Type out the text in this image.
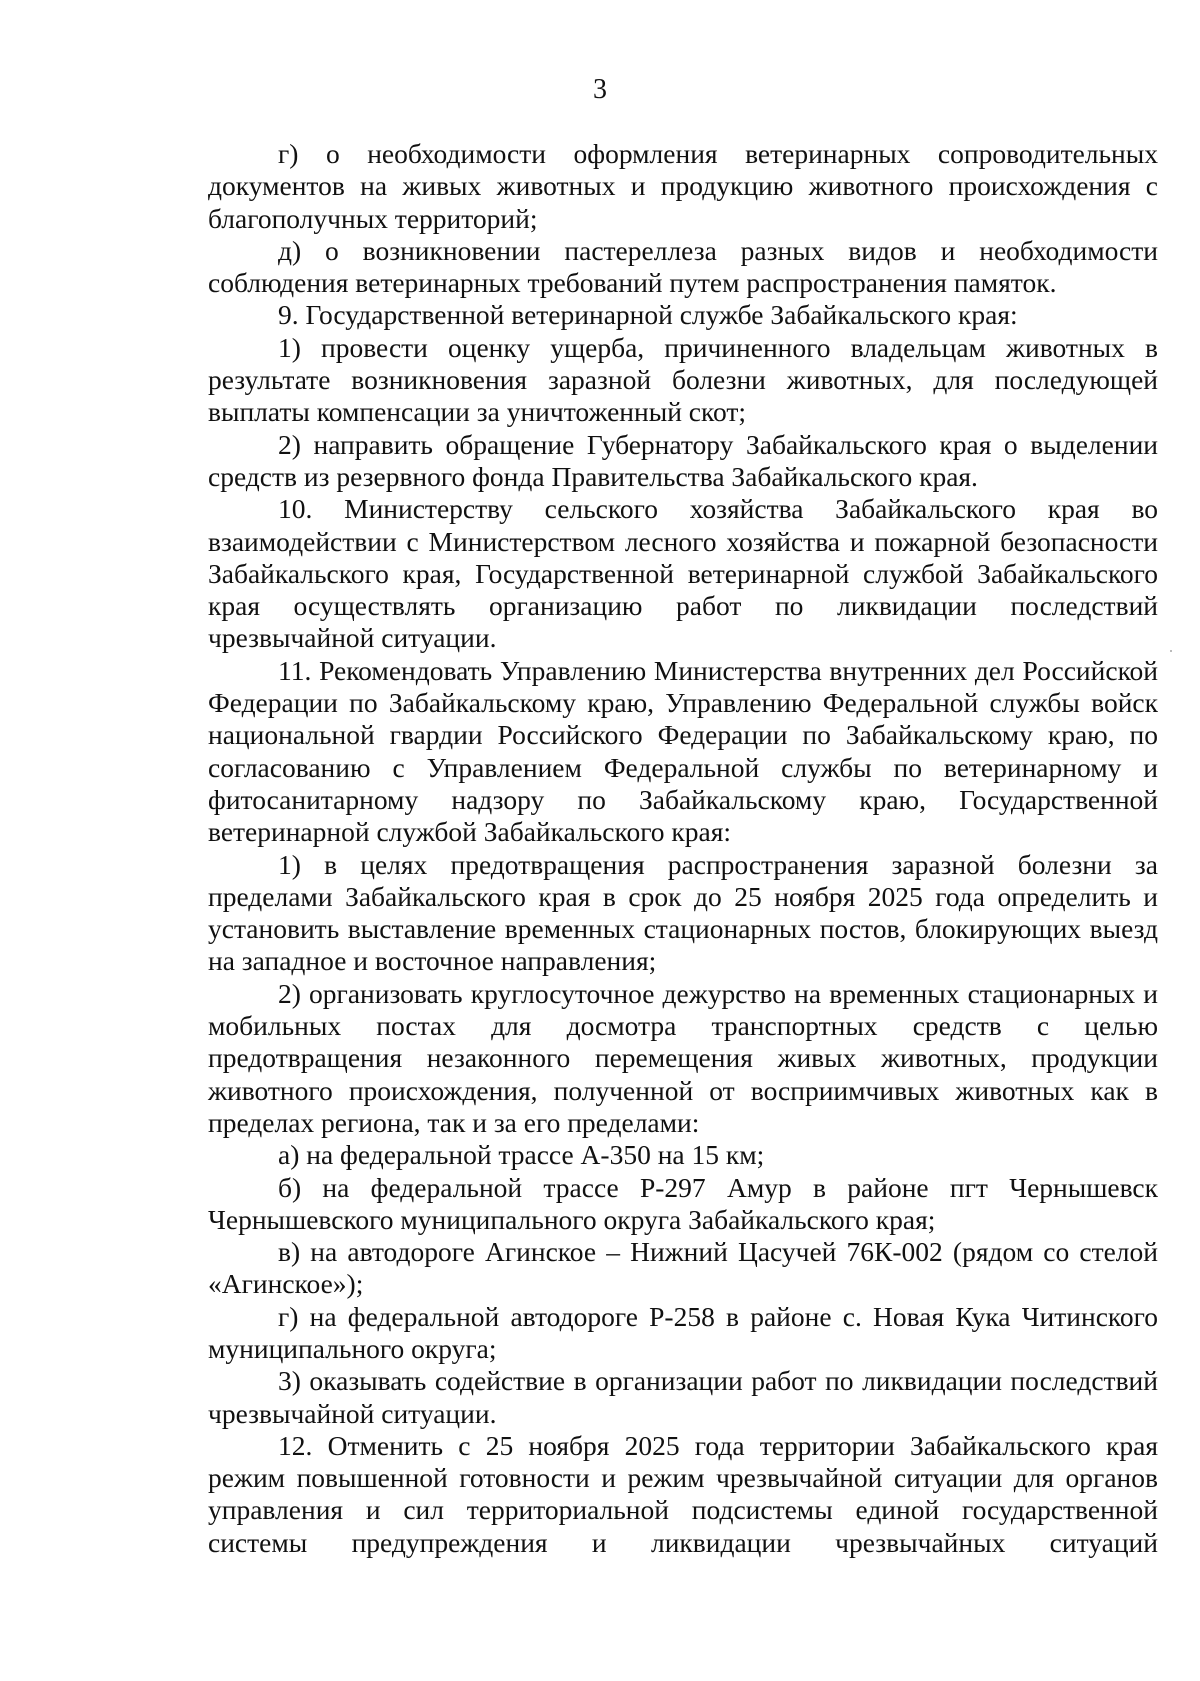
3

г) о необходимости оформления ветеринарных сопроводительных документов на живых животных и продукцию животного происхождения с благополучных территорий;

д) о возникновении пастереллеза разных видов и необходимости соблюдения ветеринарных требований путем распространения памяток.

9. Государственной ветеринарной службе Забайкальского края:

1) провести оценку ущерба, причиненного владельцам животных в результате возникновения заразной болезни животных, для последующей выплаты компенсации за уничтоженный скот;

2) направить обращение Губернатору Забайкальского края о выделении средств из резервного фонда Правительства Забайкальского края.

10. Министерству сельского хозяйства Забайкальского края во взаимодействии с Министерством лесного хозяйства и пожарной безопасности Забайкальского края, Государственной ветеринарной службой Забайкальского края осуществлять организацию работ по ликвидации последствий чрезвычайной ситуации.

11. Рекомендовать Управлению Министерства внутренних дел Российской Федерации по Забайкальскому краю, Управлению Федеральной службы войск национальной гвардии Российского Федерации по Забайкальскому краю, по согласованию с Управлением Федеральной службы по ветеринарному и фитосанитарному надзору по Забайкальскому краю, Государственной ветеринарной службой Забайкальского края:

1) в целях предотвращения распространения заразной болезни за пределами Забайкальского края в срок до 25 ноября 2025 года определить и установить выставление временных стационарных постов, блокирующих выезд на западное и восточное направления;

2) организовать круглосуточное дежурство на временных стационарных и мобильных постах для досмотра транспортных средств с целью предотвращения незаконного перемещения живых животных, продукции животного происхождения, полученной от восприимчивых животных как в пределах региона, так и за его пределами:

а) на федеральной трассе А-350 на 15 км;

б) на федеральной трассе Р-297 Амур в районе пгт Чернышевск Чернышевского муниципального округа Забайкальского края;

в) на автодороге Агинское – Нижний Цасучей 76К-002 (рядом со стелой «Агинское»);

г) на федеральной автодороге Р-258 в районе с. Новая Кука Читинского муниципального округа;

3) оказывать содействие в организации работ по ликвидации последствий чрезвычайной ситуации.

12. Отменить с 25 ноября 2025 года территории Забайкальского края режим повышенной готовности и режим чрезвычайной ситуации для органов управления и сил территориальной подсистемы единой государственной системы предупреждения и ликвидации чрезвычайных ситуаций
